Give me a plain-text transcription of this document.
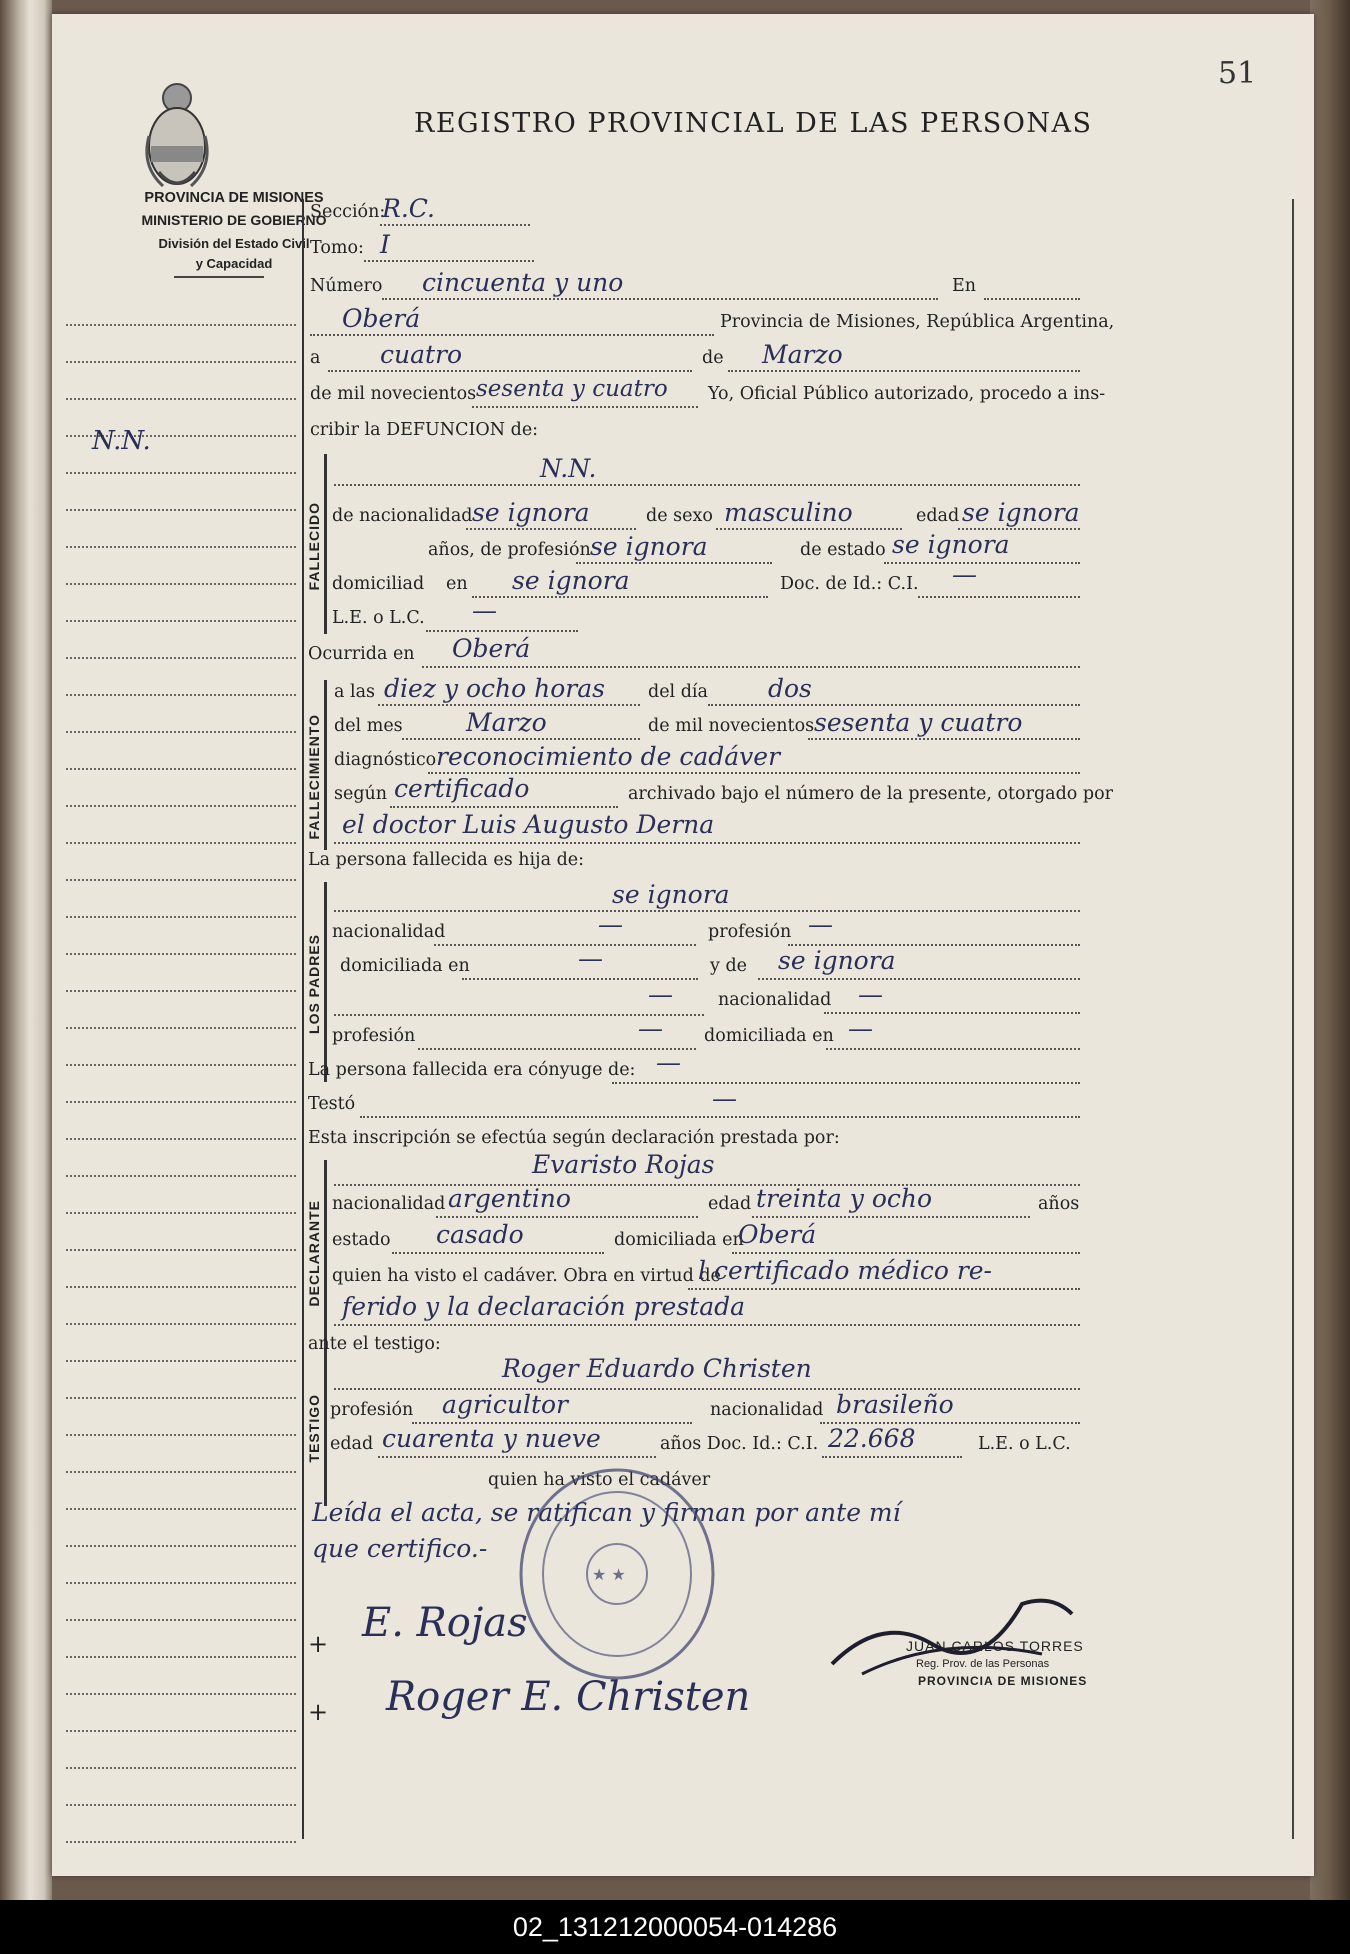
PROVINCIA DE MISIONES
MINISTERIO DE GOBIERNO
División del Estado Civil
y Capacidad
N.N.
51
REGISTRO PROVINCIAL DE LAS PERSONAS
Sección:
R.C.
Tomo: I
Número cincuenta y uno	En
Oberá	Provincia de Misiones, República Argentina,
a cuatro	de Marzo
de mil novecientos sesenta y cuatro Yo, Oficial Público autorizado, procedo a ins-
cribir la DEFUNCION de:
FALLECIDO
N.N.
de nacionalidad se ignora	de sexo masculino	edad se ignora
años, de profesión se ignora	de estado se ignora
domiciliad en se ignora	Doc. de Id.: C.I. —
L.E. o L.C. —
Ocurrida en Oberá
FALLECIMIENTO
a las diez y ocho horas del día dos
del mes	Marzo	de mil novecientos sesenta y cuatro
diagnóstico reconocimiento de cadáver
según certificado	archivado bajo el número de la presente, otorgado por
el doctor Luis Augusto Derna
La persona fallecida es hija de:
LOS PADRES
se ignora
nacionalidad	—	profesión —
domiciliada en	—	y de se ignora
—	nacionalidad —
profesión	— domiciliada en —
La persona fallecida era cónyuge de: —
Testó	—
Esta inscripción se efectúa según declaración prestada por:
DECLARANTE
Evaristo Rojas
nacionalidad argentino	edad treinta y ocho	años
estado casado	domiciliada en
Oberá
quien ha visto el cadáver. Obra en virtud de
l certificado médico re-
ferido y la declaración prestada
ante el testigo:
TESTIGO
Roger Eduardo Christen
profesión agricultor	nacionalidad brasileño
edad cuarenta y nueve	años Doc. Id.: C.I. 22.668	L.E. o L.C.
quien ha visto el cadáver
Leída el acta, se ratifican y firman por ante mí
que certifico.-
★ ★
E. Rojas
Roger E. Christen
+
+
JUAN CARLOS TORRES
Reg. Prov. de las Personas
PROVINCIA DE MISIONES
02_131212000054-014286
